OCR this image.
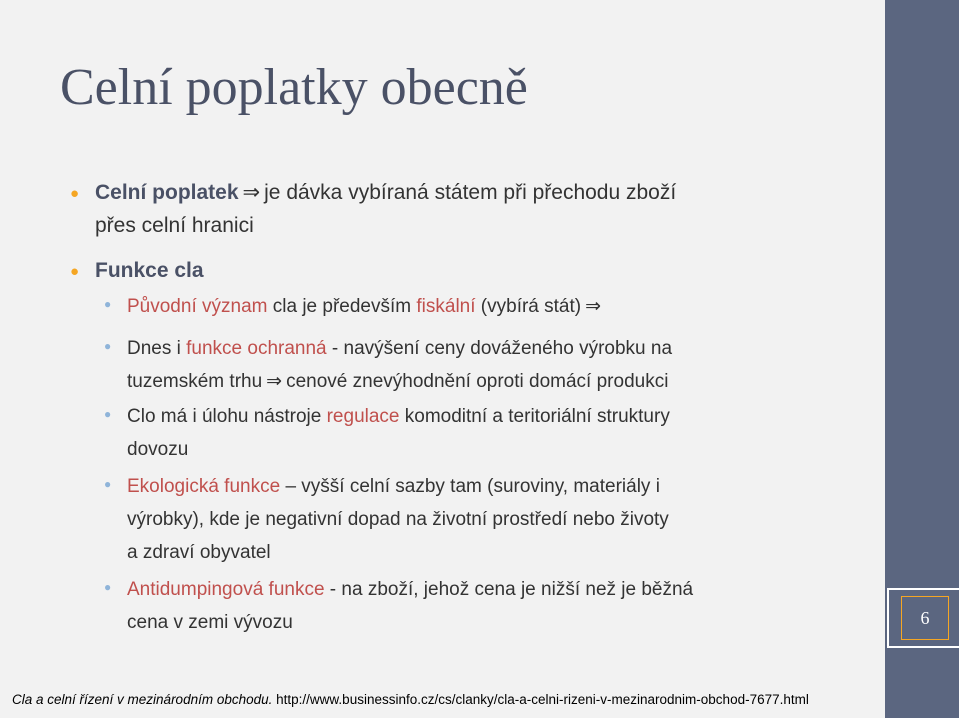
6
Celní poplatky obecně
● Celní poplatek ⇒ je dávka vybíraná státem při přechodu zboží
přes celní hranici
● Funkce cla
● Původní význam cla je především fiskální (vybírá stát) ⇒
● Dnes i funkce ochranná - navýšení ceny dováženého výrobku na
tuzemském trhu ⇒ cenové znevýhodnění oproti domácí produkci
● Clo má i úlohu nástroje regulace komoditní a teritoriální struktury
dovozu
● Ekologická funkce – vyšší celní sazby tam (suroviny, materiály i
výrobky), kde je negativní dopad na životní prostředí nebo životy
a zdraví obyvatel
● Antidumpingová funkce - na zboží, jehož cena je nižší než je běžná
cena v zemi vývozu
Cla a celní řízení v mezinárodním obchodu. http://www.businessinfo.cz/cs/clanky/cla-a-celni-rizeni-v-mezinarodnim-obchod-7677.html
